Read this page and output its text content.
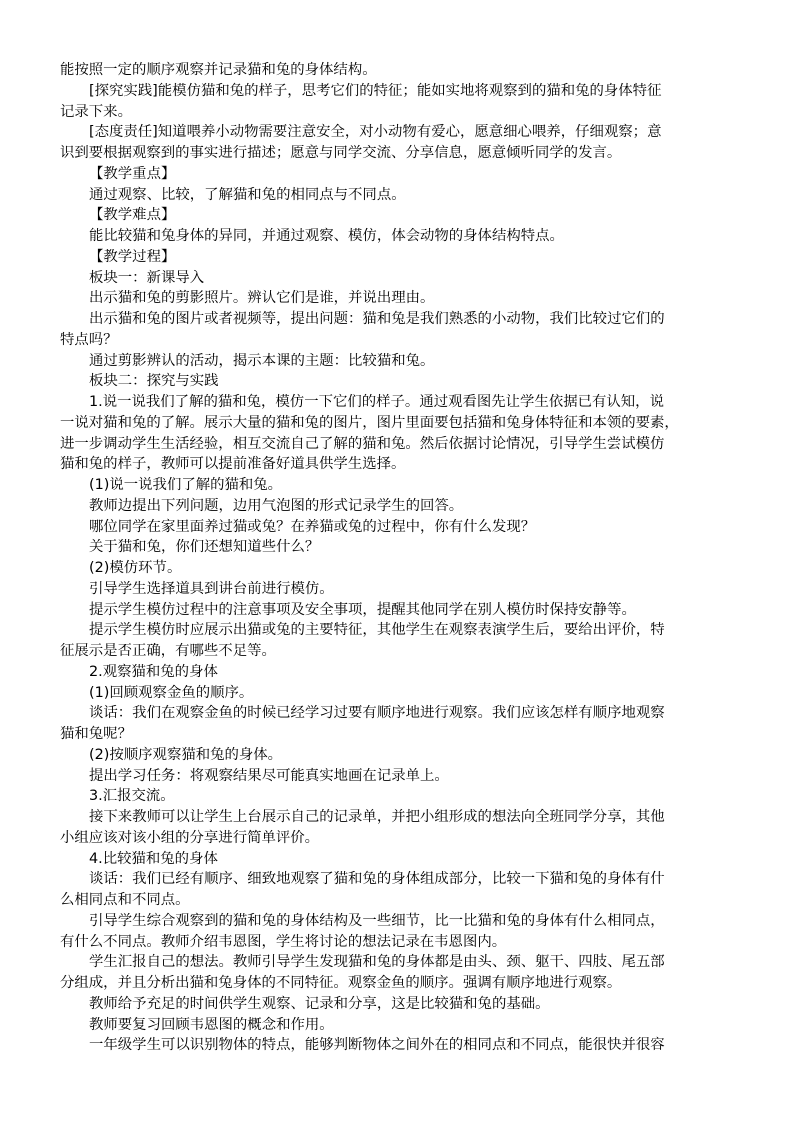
能按照一定的顺序观察并记录猫和兔的身体结构。
[探究实践]能模仿猫和兔的样子，思考它们的特征；能如实地将观察到的猫和兔的身体特征
记录下来。
[态度责任]知道喂养小动物需要注意安全，对小动物有爱心，愿意细心喂养，仔细观察；意
识到要根据观察到的事实进行描述；愿意与同学交流、分享信息，愿意倾听同学的发言。
【教学重点】
通过观察、比较，了解猫和兔的相同点与不同点。
【教学难点】
能比较猫和兔身体的异同，并通过观察、模仿，体会动物的身体结构特点。
【教学过程】
板块一：新课导入
出示猫和兔的剪影照片。辨认它们是谁，并说出理由。
出示猫和兔的图片或者视频等，提出问题：猫和兔是我们熟悉的小动物，我们比较过它们的
特点吗？
通过剪影辨认的活动，揭示本课的主题：比较猫和兔。
板块二：探究与实践
1.说一说我们了解的猫和兔，模仿一下它们的样子。通过观看图先让学生依据已有认知，说
一说对猫和兔的了解。展示大量的猫和兔的图片，图片里面要包括猫和兔身体特征和本领的要素，
进一步调动学生生活经验，相互交流自己了解的猫和兔。然后依据讨论情况，引导学生尝试模仿
猫和兔的样子，教师可以提前准备好道具供学生选择。
(1)说一说我们了解的猫和兔。
教师边提出下列问题，边用气泡图的形式记录学生的回答。
哪位同学在家里面养过猫或兔？在养猫或兔的过程中，你有什么发现？
关于猫和兔，你们还想知道些什么？
(2)模仿环节。
引导学生选择道具到讲台前进行模仿。
提示学生模仿过程中的注意事项及安全事项，提醒其他同学在别人模仿时保持安静等。
提示学生模仿时应展示出猫或兔的主要特征，其他学生在观察表演学生后，要给出评价，特
征展示是否正确，有哪些不足等。
2.观察猫和兔的身体
(1)回顾观察金鱼的顺序。
谈话：我们在观察金鱼的时候已经学习过要有顺序地进行观察。我们应该怎样有顺序地观察
猫和兔呢？
(2)按顺序观察猫和兔的身体。
提出学习任务：将观察结果尽可能真实地画在记录单上。
3.汇报交流。
接下来教师可以让学生上台展示自己的记录单，并把小组形成的想法向全班同学分享，其他
小组应该对该小组的分享进行简单评价。
4.比较猫和兔的身体
谈话：我们已经有顺序、细致地观察了猫和兔的身体组成部分，比较一下猫和兔的身体有什
么相同点和不同点。
引导学生综合观察到的猫和兔的身体结构及一些细节，比一比猫和兔的身体有什么相同点，
有什么不同点。教师介绍韦恩图，学生将讨论的想法记录在韦恩图内。
学生汇报自己的想法。教师引导学生发现猫和兔的身体都是由头、颈、躯干、四肢、尾五部
分组成，并且分析出猫和兔身体的不同特征。观察金鱼的顺序。强调有顺序地进行观察。
教师给予充足的时间供学生观察、记录和分享，这是比较猫和兔的基础。
教师要复习回顾韦恩图的概念和作用。
一年级学生可以识别物体的特点，能够判断物体之间外在的相同点和不同点，能很快并很容
